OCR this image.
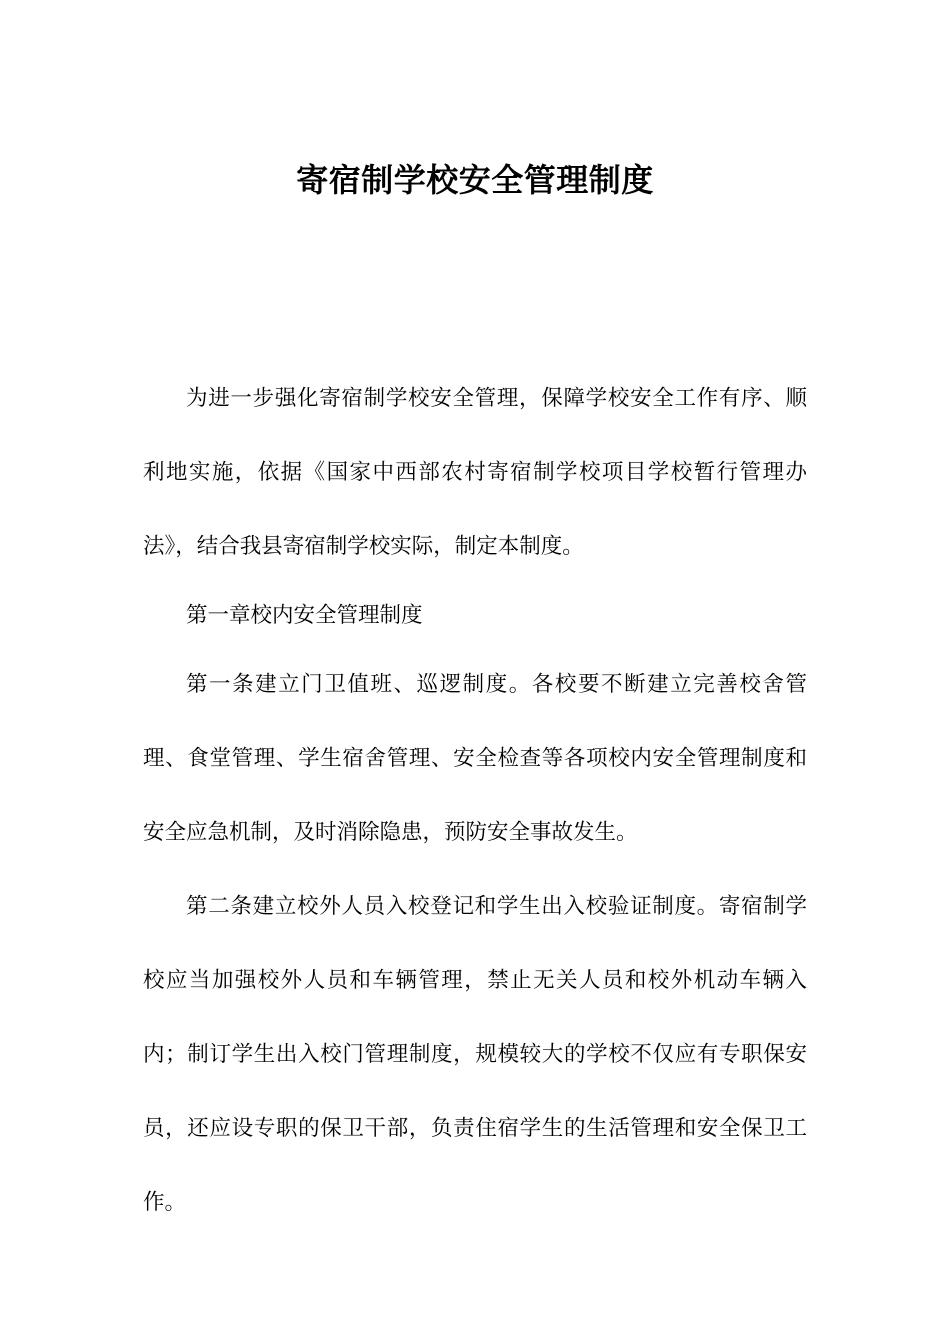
寄宿制学校安全管理制度

为进一步强化寄宿制学校安全管理，保障学校安全工作有序、顺利地实施，依据《国家中西部农村寄宿制学校项目学校暂行管理办法》，结合我县寄宿制学校实际，制定本制度。

第一章校内安全管理制度

第一条建立门卫值班、巡逻制度。各校要不断建立完善校舍管理、食堂管理、学生宿舍管理、安全检查等各项校内安全管理制度和安全应急机制，及时消除隐患，预防安全事故发生。

第二条建立校外人员入校登记和学生出入校验证制度。寄宿制学校应当加强校外人员和车辆管理，禁止无关人员和校外机动车辆入内；制订学生出入校门管理制度，规模较大的学校不仅应有专职保安员，还应设专职的保卫干部，负责住宿学生的生活管理和安全保卫工作。
